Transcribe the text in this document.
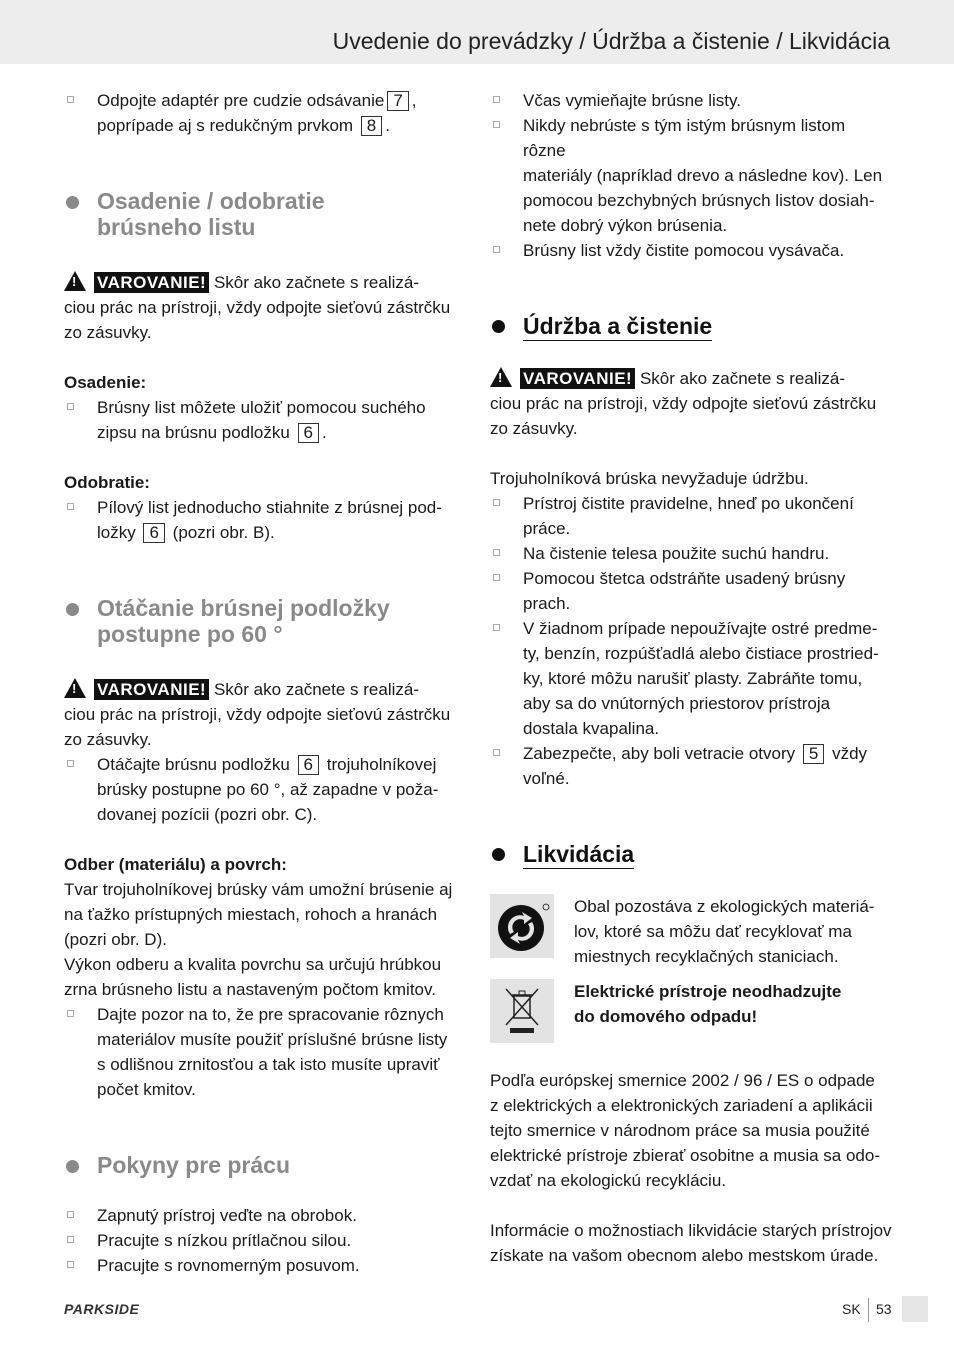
Uvedenie do prevádzky / Údržba a čistenie / Likvidácia
Odpojte adaptér pre cudzie odsávanie 7 ,
poprípade aj s redukčným prvkom 8 .
Osadenie / odobratie
brúsneho listu

! VAROVANIE! Skôr ako začnete s realizá-
ciou prác na prístroji, vždy odpojte sieťovú zástrčku
zo zásuvky.

Osadenie:

Brúsny list môžete uložiť pomocou suchého
zipsu na brúsnu podložku 6 .

Odobratie:

Pílový list jednoducho stiahnite z brúsnej pod-
ložky 6 (pozri obr. B).
Otáčanie brúsnej podložky
postupne po 60 °

! VAROVANIE! Skôr ako začnete s realizá-
ciou prác na prístroji, vždy odpojte sieťovú zástrčku
zo zásuvky.

Otáčajte brúsnu podložku 6 trojuholníkovej
brúsky postupne po 60 °, až zapadne v poža-
dovanej pozícii (pozri obr. C).

Odber (materiálu) a povrch:

Tvar trojuholníkovej brúsky vám umožní brúsenie aj
na ťažko prístupných miestach, rohoch a hranách
(pozri obr. D).
Výkon odberu a kvalita povrchu sa určujú hrúbkou
zrna brúsneho listu a nastaveným počtom kmitov.

Dajte pozor na to, že pre spracovanie rôznych
materiálov musíte použiť príslušné brúsne listy
s odlišnou zrnitosťou a tak isto musíte upraviť
počet kmitov.
Pokyny pre prácu
Zapnutý prístroj veďte na obrobok.
Pracujte s nízkou prítlačnou silou.
Pracujte s rovnomerným posuvom.
Včas vymieňajte brúsne listy.
Nikdy nebrúste s tým istým brúsnym listom rôzne
materiály (napríklad drevo a následne kov). Len
pomocou bezchybných brúsnych listov dosiah-
nete dobrý výkon brúsenia.
Brúsny list vždy čistite pomocou vysávača.
Údržba a čistenie

! VAROVANIE! Skôr ako začnete s realizá-
ciou prác na prístroji, vždy odpojte sieťovú zástrčku
zo zásuvky.

Trojuholníková brúska nevyžaduje údržbu.

Prístroj čistite pravidelne, hneď po ukončení
práce.
Na čistenie telesa použite suchú handru.
Pomocou štetca odstráňte usadený brúsny
prach.
V žiadnom prípade nepoužívajte ostré predme-
ty, benzín, rozpúšťadlá alebo čistiace prostried-
ky, ktoré môžu narušiť plasty. Zabráňte tomu,
aby sa do vnútorných priestorov prístroja
dostala kvapalina.
Zabezpečte, aby boli vetracie otvory 5 vždy
voľné.
Likvidácia

Obal pozostáva z ekologických materiá-
lov, ktoré sa môžu dať recyklovať ma
miestnych recyklačných staniciach.

Elektrické prístroje neodhadzujte
do domového odpadu!

Podľa európskej smernice 2002 / 96 / ES o odpade
z elektrických a elektronických zariadení a aplikácii
tejto smernice v národnom práce sa musia použité
elektrické prístroje zbierať osobitne a musia sa odo-
vzdať na ekologickú recykláciu.

Informácie o možnostiach likvidácie starých prístrojov
získate na vašom obecnom alebo mestskom úrade.

PARKSIDE	SK 53
